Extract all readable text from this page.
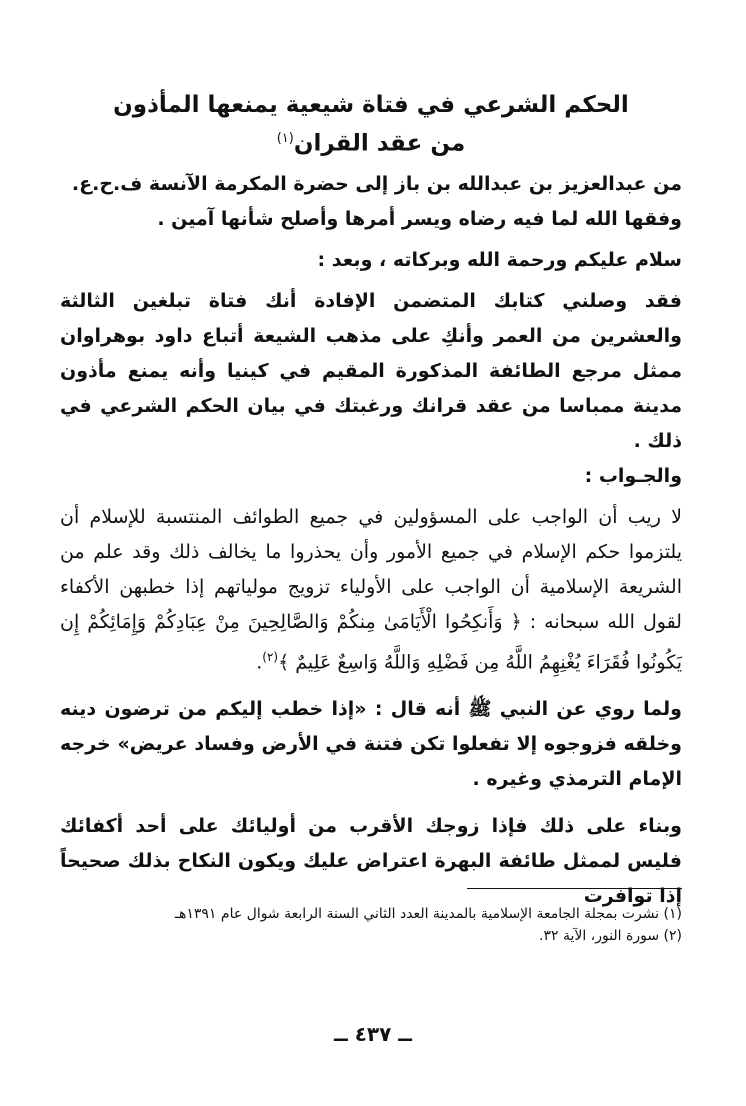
الحكم الشرعي في فتاة شيعية يمنعها المأذون
من عقد القران$^{(١)}$

من عبدالعزيز بن عبدالله بن باز إلى حضرة المكرمة الآنسة ف.ح.ع.

وفقها الله لما فيه رضاه ويسر أمرها وأصلح شأنها آمين .

سلام عليكم ورحمة الله وبركاته ، وبعد :

فقد وصلني كتابك المتضمن الإفادة أنك فتاة تبلغين الثالثة والعشرين من العمر وأنكِ على مذهب الشيعة أتباع داود بوهراوان ممثل مرجع الطائفة المذكورة المقيم في كينيا وأنه يمنع مأذون مدينة ممباسا من عقد قرانك ورغبتك في بيان الحكم الشرعي في ذلك .

والجـواب :

لا ريب أن الواجب على المسؤولين في جميع الطوائف المنتسبة للإسلام أن يلتزموا حكم الإسلام في جميع الأمور وأن يحذروا ما يخالف ذلك وقد علم من الشريعة الإسلامية أن الواجب على الأولياء تزويج مولياتهم إذا خطبهن الأكفاء لقول الله سبحانه : ﴿ وَأَنكِحُوا الْأَيَامَىٰ مِنكُمْ وَالصَّالِحِينَ مِنْ عِبَادِكُمْ وَإِمَائِكُمْ إِن يَكُونُوا فُقَرَاءَ يُغْنِهِمُ اللَّهُ مِن فَضْلِهِ وَاللَّهُ وَاسِعٌ عَلِيمٌ ﴾$^{(٢)}$.

ولما روي عن النبي ﷺ أنه قال : «إذا خطب إليكم من ترضون دينه وخلقه فزوجوه إلا تفعلوا تكن فتنة في الأرض وفساد عريض» خرجه الإمام الترمذي وغيره .

وبناء على ذلك فإذا زوجك الأقرب من أوليائك على أحد أكفائك فليس لممثل طائفة البهرة اعتراض عليك ويكون النكاح بذلك صحيحاً إذا توافرت

(١) نشرت بمجلة الجامعة الإسلامية بالمدينة العدد الثاني السنة الرابعة شوال عام ١٣٩١هـ

(٢) سورة النور، الآية ٣٢.

ــ ٤٣٧ ــ
